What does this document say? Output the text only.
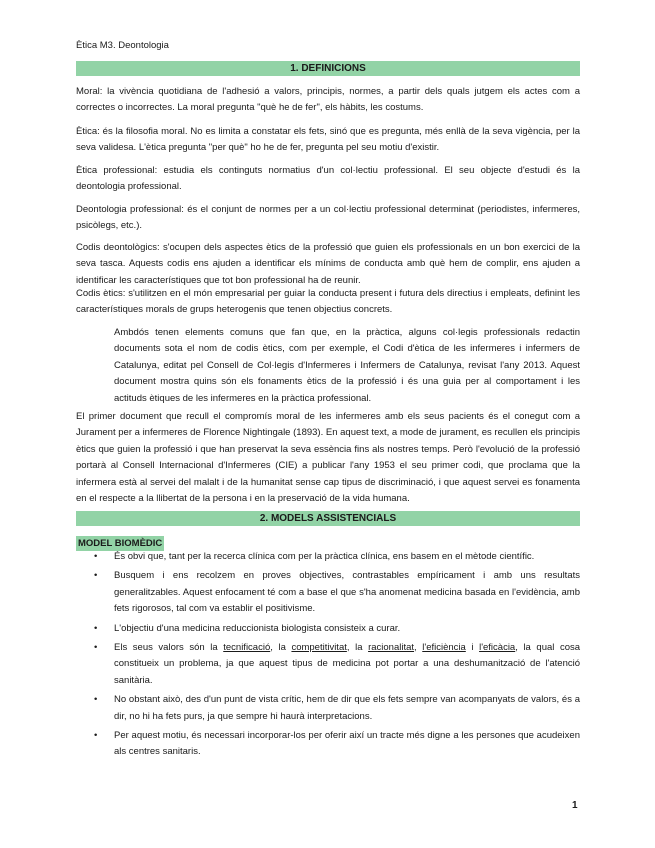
Ètica M3. Deontologia
1. DEFINICIONS

Moral: la vivència quotidiana de l'adhesió a valors, principis, normes, a partir dels quals jutgem els actes com a correctes o incorrectes. La moral pregunta "què he de fer", els hàbits, les costums.

Ètica: és la filosofia moral. No es limita a constatar els fets, sinó que es pregunta, més enllà de la seva vigència, per la seva validesa. L'ètica pregunta "per què" ho he de fer, pregunta pel seu motiu d'existir.

Ètica professional: estudia els continguts normatius d'un col·lectiu professional. El seu objecte d'estudi és la deontologia professional.

Deontologia professional: és el conjunt de normes per a un col·lectiu professional determinat (periodistes, infermeres, psicòlegs, etc.).

Codis deontològics: s'ocupen dels aspectes ètics de la professió que guien els professionals en un bon exercici de la seva tasca. Aquests codis ens ajuden a identificar els mínims de conducta amb què hem de complir, ens ajuden a identificar les característiques que tot bon professional ha de reunir.

Codis ètics: s'utilitzen en el món empresarial per guiar la conducta present i futura dels directius i empleats, definint les característiques morals de grups heterogenis que tenen objectius concrets.

Ambdós tenen elements comuns que fan que, en la pràctica, alguns col·legis professionals redactin documents sota el nom de codis ètics, com per exemple, el Codi d'ètica de les infermeres i infermers de Catalunya, editat pel Consell de Col·legis d'Infermeres i Infermers de Catalunya, revisat l'any 2013. Aquest document mostra quins són els fonaments ètics de la professió i és una guia per al comportament i les actituds ètiques de les infermeres en la pràctica professional.

El primer document que recull el compromís moral de les infermeres amb els seus pacients és el conegut com a Jurament per a infermeres de Florence Nightingale (1893). En aquest text, a mode de jurament, es recullen els principis ètics que guien la professió i que han preservat la seva essència fins als nostres temps. Però l'evolució de la professió portarà al Consell Internacional d'Infermeres (CIE) a publicar l'any 1953 el seu primer codi, que proclama que la infermera està al servei del malalt i de la humanitat sense cap tipus de discriminació, i que aquest servei es fonamenta en el respecte a la llibertat de la persona i en la preservació de la vida humana.

2. MODELS ASSISTENCIALS
MODEL BIOMÈDIC
• És obvi que, tant per la recerca clínica com per la pràctica clínica, ens basem en el mètode científic.
• Busquem i ens recolzem en proves objectives, contrastables empíricament i amb uns resultats generalitzables. Aquest enfocament té com a base el que s'ha anomenat medicina basada en l'evidència, amb fets rigorosos, tal com va establir el positivisme.
• L'objectiu d'una medicina reduccionista biologista consisteix a curar.
• Els seus valors són la tecnificació, la competitivitat, la racionalitat, l'eficiència i l'eficàcia, la qual cosa constitueix un problema, ja que aquest tipus de medicina pot portar a una deshumanització de l'atenció sanitària.
• No obstant això, des d'un punt de vista crític, hem de dir que els fets sempre van acompanyats de valors, és a dir, no hi ha fets purs, ja que sempre hi haurà interpretacions.
• Per aquest motiu, és necessari incorporar-los per oferir així un tracte més digne a les persones que acudeixen als centres sanitaris.
1
